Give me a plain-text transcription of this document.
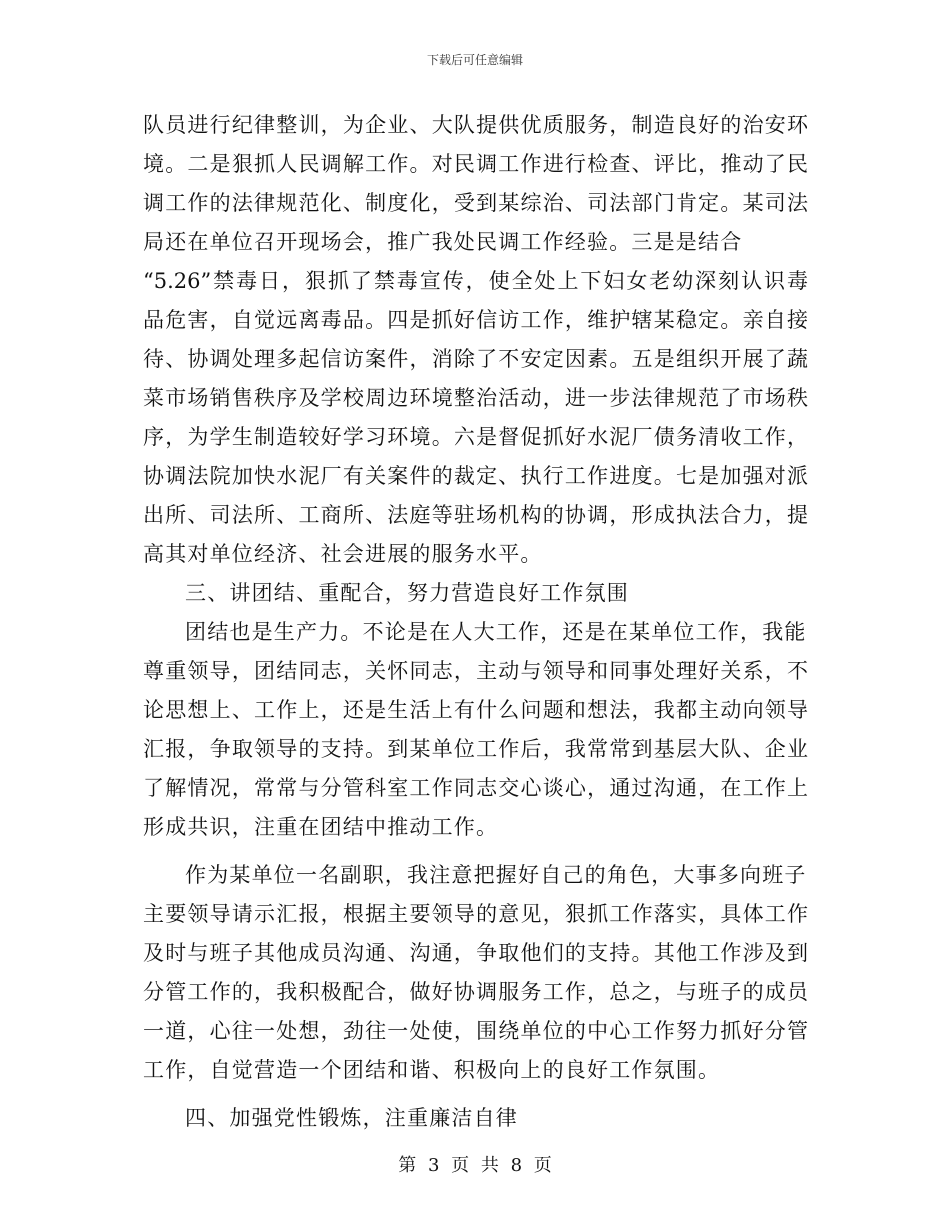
下载后可任意编辑
队员进行纪律整训，为企业、大队提供优质服务，制造良好的治安环
境。二是狠抓人民调解工作。对民调工作进行检查、评比，推动了民
调工作的法律规范化、制度化，受到某综治、司法部门肯定。某司法
局还在单位召开现场会，推广我处民调工作经验。三是是结合
“5.26”禁毒日，狠抓了禁毒宣传，使全处上下妇女老幼深刻认识毒
品危害，自觉远离毒品。四是抓好信访工作，维护辖某稳定。亲自接
待、协调处理多起信访案件，消除了不安定因素。五是组织开展了蔬
菜市场销售秩序及学校周边环境整治活动，进一步法律规范了市场秩
序，为学生制造较好学习环境。六是督促抓好水泥厂债务清收工作，
协调法院加快水泥厂有关案件的裁定、执行工作进度。七是加强对派
出所、司法所、工商所、法庭等驻场机构的协调，形成执法合力，提
高其对单位经济、社会进展的服务水平。
三、讲团结、重配合，努力营造良好工作氛围
团结也是生产力。不论是在人大工作，还是在某单位工作，我能
尊重领导，团结同志，关怀同志，主动与领导和同事处理好关系，不
论思想上、工作上，还是生活上有什么问题和想法，我都主动向领导
汇报，争取领导的支持。到某单位工作后，我常常到基层大队、企业
了解情况，常常与分管科室工作同志交心谈心，通过沟通，在工作上
形成共识，注重在团结中推动工作。
作为某单位一名副职，我注意把握好自己的角色，大事多向班子
主要领导请示汇报，根据主要领导的意见，狠抓工作落实，具体工作
及时与班子其他成员沟通、沟通，争取他们的支持。其他工作涉及到
分管工作的，我积极配合，做好协调服务工作，总之，与班子的成员
一道，心往一处想，劲往一处使，围绕单位的中心工作努力抓好分管
工作，自觉营造一个团结和谐、积极向上的良好工作氛围。
四、加强党性锻炼，注重廉洁自律
第 3 页 共 8 页
